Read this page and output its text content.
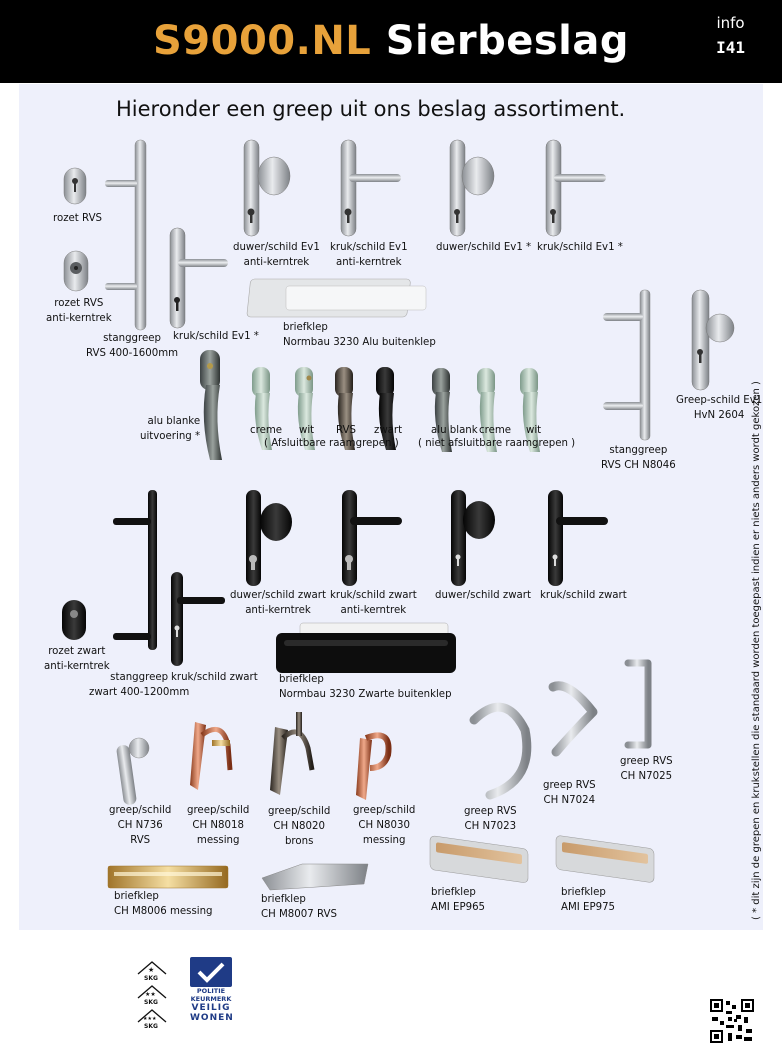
S9000.NL Sierbeslag	info
I41
Hieronder een greep uit ons beslag assortiment.
rozet RVS
rozet RVS
anti-kerntrek
stanggreep
RVS 400-1600mm
kruk/schild Ev1 *
duwer/schild Ev1
anti-kerntrek
kruk/schild Ev1
anti-kerntrek
duwer/schild Ev1 * kruk/schild Ev1 *
briefklep
Normbau 3230 Alu buitenklep
alu blanke
uitvoering *
creme wit RVS zwart
( Afsluitbare raamgrepen )
alu blank creme wit
( niet afsluitbare raamgrepen )
stanggreep
RVS CH N8046
Greep-schild Ev1
HvN 2604
duwer/schild zwart
anti-kerntrek
kruk/schild zwart
anti-kerntrek
duwer/schild zwart kruk/schild zwart
rozet zwart
anti-kerntrek
stanggreep
zwart 400-1200mm
kruk/schild zwart briefklep
Normbau 3230 Zwarte buitenklep
greep RVS
CH N7025
greep RVS
CH N7024
greep RVS
CH N7023
greep/schild
CH N736
RVS
greep/schild
CH N8018
messing
greep/schild
CH N8020
brons
greep/schild
CH N8030
messing
briefklep
CH M8006 messing
briefklep
CH M8007 RVS
briefklep
AMI EP965
briefklep
AMI EP975	( * dit zijn de grepen en krukstellen die standaard worden toegepast indien er niets anders wordt gekozen )
★
★★
★★★
SKG
SKG
SKG
POLITIE
KEURMERK
VEILIG
WONEN
